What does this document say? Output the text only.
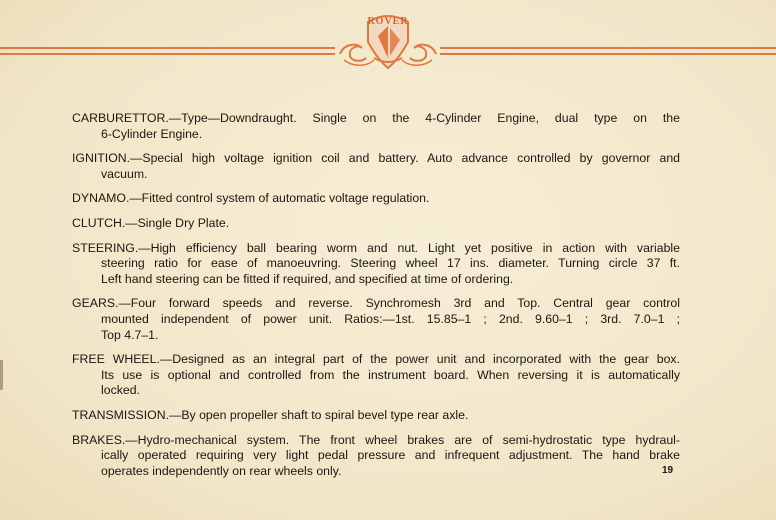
ROVER
CARBURETTOR.—Type—Downdraught. Single on the 4-Cylinder Engine, dual type on the
6-Cylinder Engine.
IGNITION.—Special high voltage ignition coil and battery. Auto advance controlled by governor and
vacuum.
DYNAMO.—Fitted control system of automatic voltage regulation.
CLUTCH.—Single Dry Plate.
STEERING.—High efficiency ball bearing worm and nut. Light yet positive in action with variable
steering ratio for ease of manoeuvring. Steering wheel 17 ins. diameter. Turning circle 37 ft.
Left hand steering can be fitted if required, and specified at time of ordering.
GEARS.—Four forward speeds and reverse. Synchromesh 3rd and Top. Central gear control
mounted independent of power unit. Ratios:—1st. 15.85–1 ; 2nd. 9.60–1 ; 3rd. 7.0–1 ;
Top 4.7–1.
FREE WHEEL.—Designed as an integral part of the power unit and incorporated with the gear box.
Its use is optional and controlled from the instrument board. When reversing it is automatically
locked.
TRANSMISSION.—By open propeller shaft to spiral bevel type rear axle.
BRAKES.—Hydro-mechanical system. The front wheel brakes are of semi-hydrostatic type hydraul-
ically operated requiring very light pedal pressure and infrequent adjustment. The hand brake
operates independently on rear wheels only.	19
